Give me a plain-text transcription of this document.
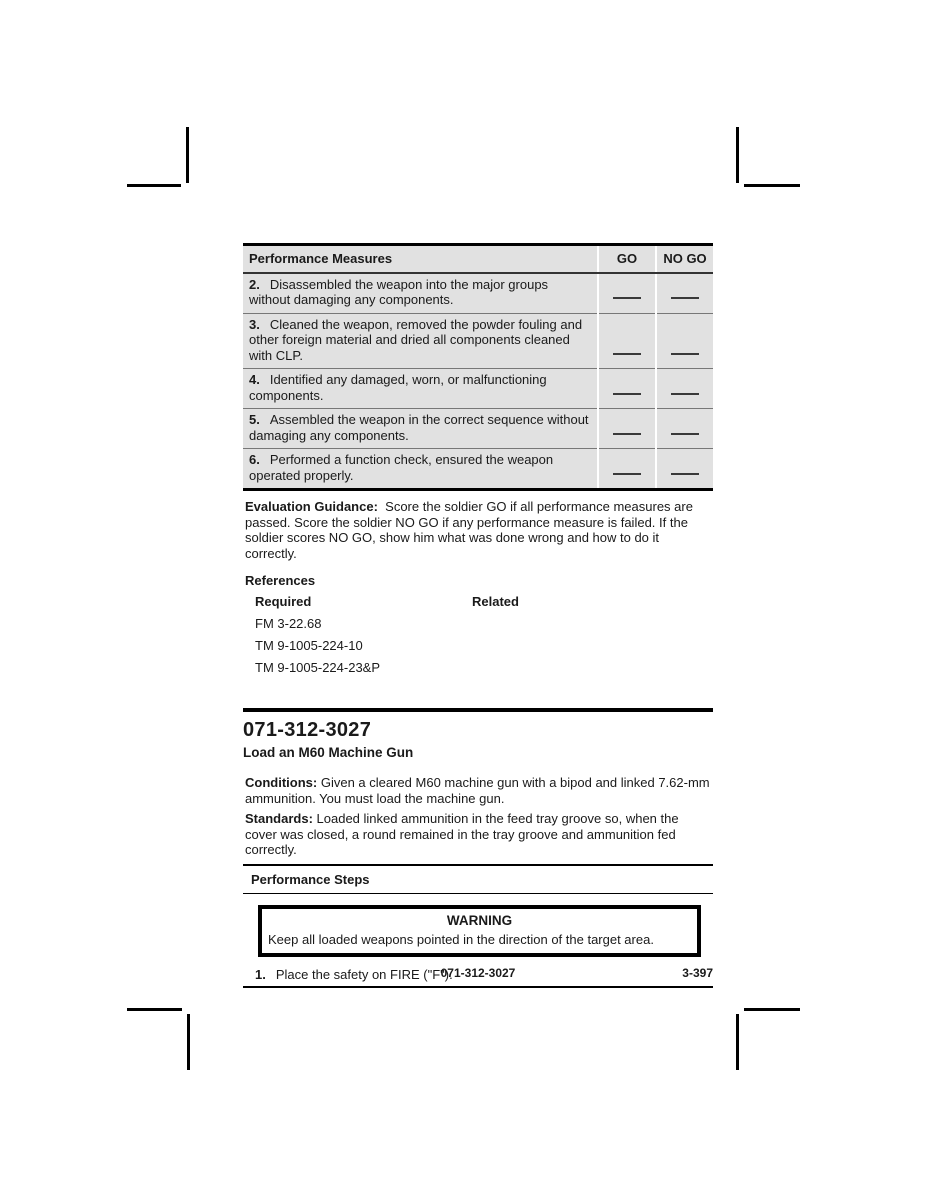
Performance Measures	GO	NO GO
2. Disassembled the weapon into the major groups without damaging any components.		
3. Cleaned the weapon, removed the powder fouling and other foreign material and dried all components cleaned with CLP.		
4. Identified any damaged, worn, or malfunctioning components.		
5. Assembled the weapon in the correct sequence without damaging any components.		
6. Performed a function check, ensured the weapon operated properly.		

Evaluation Guidance: Score the soldier GO if all performance measures are passed. Score the soldier NO GO if any performance measure is failed. If the soldier scores NO GO, show him what was done wrong and how to do it correctly.

References
Required	Related
FM 3-22.68
TM 9-1005-224-10
TM 9-1005-224-23&P
071-312-3027
Load an M60 Machine Gun

Conditions: Given a cleared M60 machine gun with a bipod and linked 7.62-mm ammunition. You must load the machine gun.

Standards: Loaded linked ammunition in the feed tray groove so, when the cover was closed, a round remained in the tray groove and ammunition fed correctly.

Performance Steps
WARNING
Keep all loaded weapons pointed in the direction of the target area.
1. Place the safety on FIRE ("F").
071-312-3027	3-397
